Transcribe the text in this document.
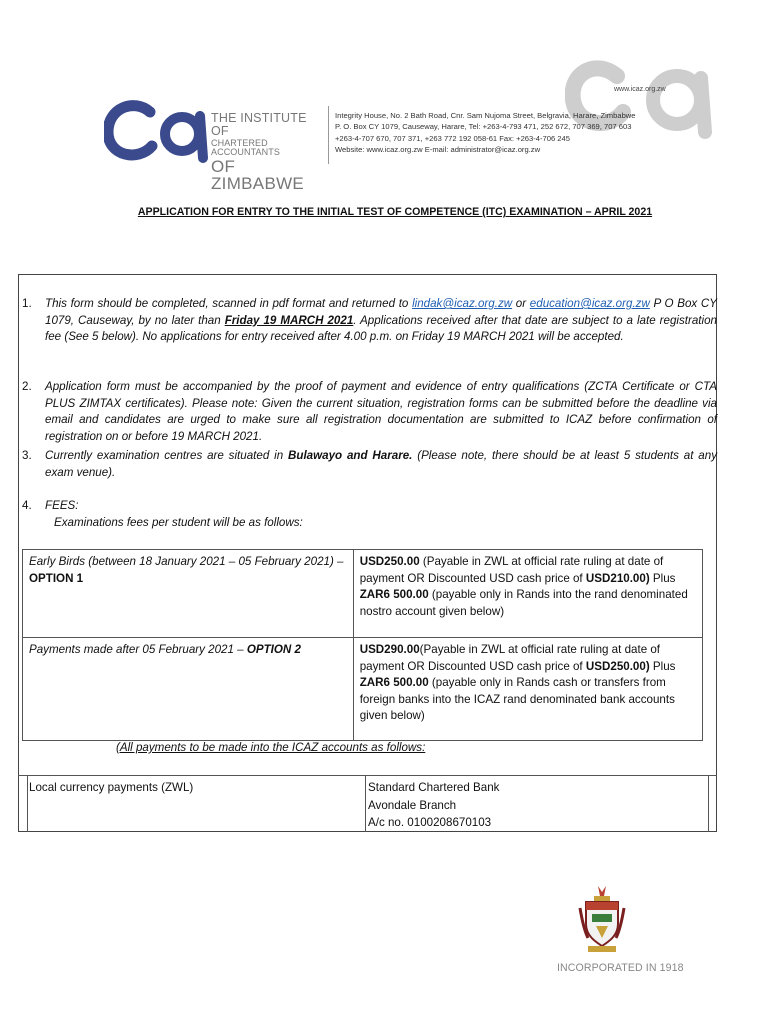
www.icaz.org.zw
THE INSTITUTE OF
CHARTERED ACCOUNTANTS
OF ZIMBABWE
Integrity House, No. 2 Bath Road, Cnr. Sam Nujoma Street, Belgravia, Harare, Zimbabwe
P. O. Box CY 1079, Causeway, Harare, Tel: +263-4-793 471, 252 672, 707 369, 707 603
+263-4-707 670, 707 371, +263 772 192 058-61 Fax: +263-4-706 245
Website: www.icaz.org.zw E-mail: administrator@icaz.org.zw
APPLICATION FOR ENTRY TO THE INITIAL TEST OF COMPETENCE (ITC) EXAMINATION – APRIL 2021
1. This form should be completed, scanned in pdf format and returned to lindak@icaz.org.zw or education@icaz.org.zw P O Box CY 1079, Causeway, by no later than Friday 19 MARCH 2021. Applications received after that date are subject to a late registration fee (See 5 below). No applications for entry received after 4.00 p.m. on Friday 19 MARCH 2021 will be accepted.
2. Application form must be accompanied by the proof of payment and evidence of entry qualifications (ZCTA Certificate or CTA PLUS ZIMTAX certificates). Please note: Given the current situation, registration forms can be submitted before the deadline via email and candidates are urged to make sure all registration documentation are submitted to ICAZ before confirmation of registration on or before 19 MARCH 2021.
3. Currently examination centres are situated in Bulawayo and Harare. (Please note, there should be at least 5 students at any exam venue).
4. FEES:
Examinations fees per student will be as follows:
Early Birds (between 18 January 2021 – 05 February 2021) – OPTION 1	USD250.00 (Payable in ZWL at official rate ruling at date of payment OR Discounted USD cash price of USD210.00) Plus ZAR6 500.00 (payable only in Rands into the rand denominated nostro account given below)
Payments made after 05 February 2021 – OPTION 2	USD290.00(Payable in ZWL at official rate ruling at date of payment OR Discounted USD cash price of USD250.00) Plus ZAR6 500.00 (payable only in Rands cash or transfers from foreign banks into the ICAZ rand denominated bank accounts given below)
(All payments to be made into the ICAZ accounts as follows:
Local currency payments (ZWL)	Standard Chartered Bank
Avondale Branch
A/c no. 0100208670103
INCORPORATED IN 1918
